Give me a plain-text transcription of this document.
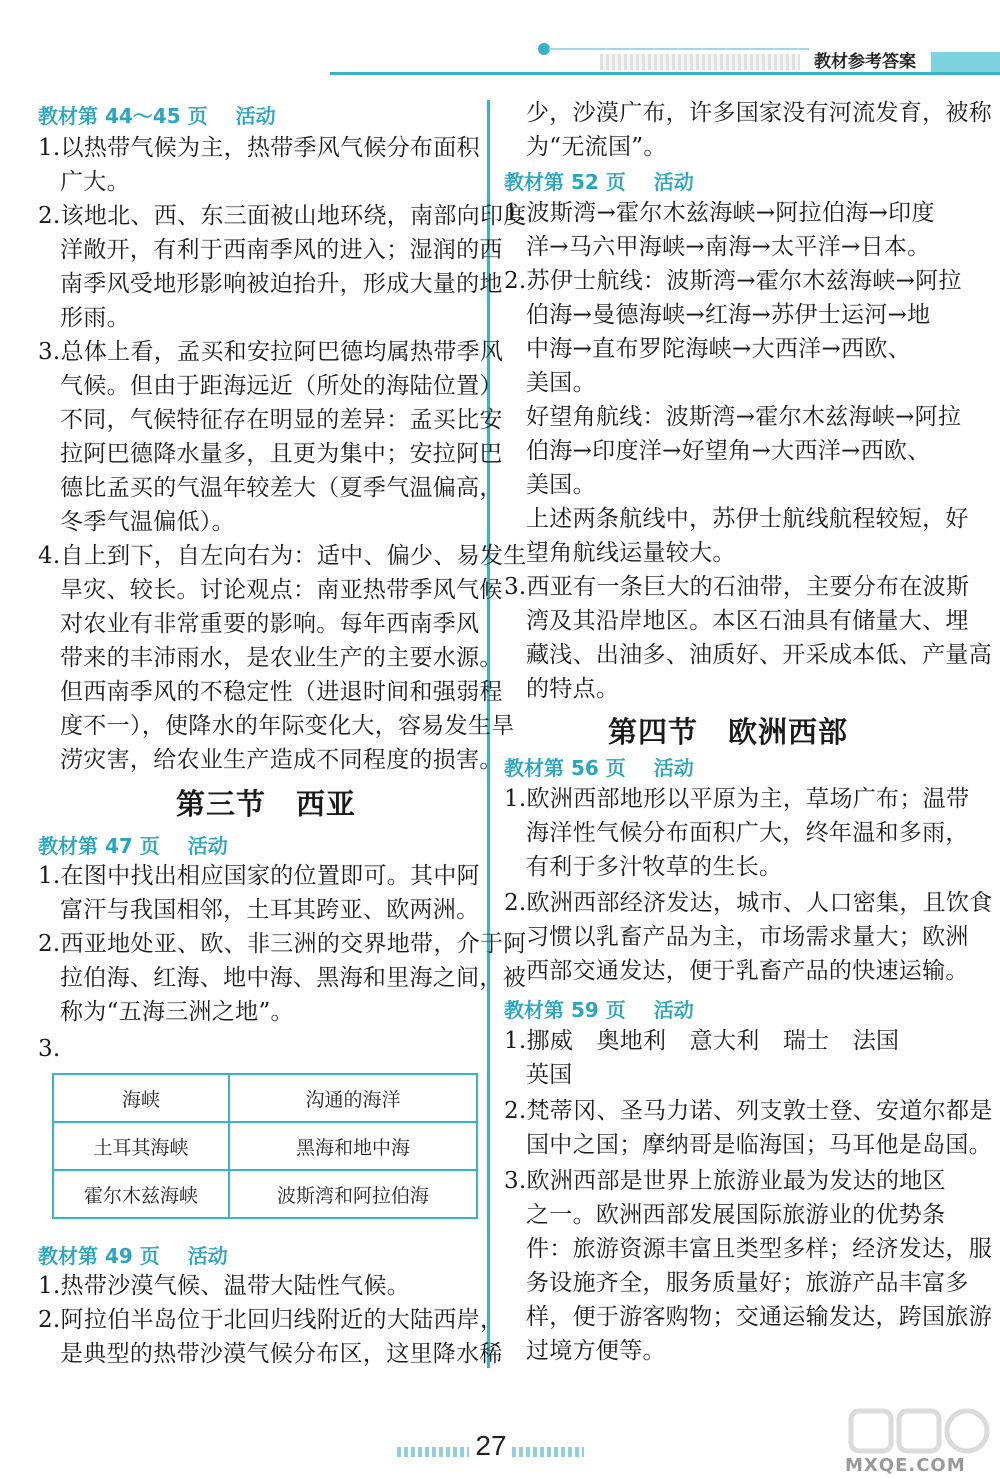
教材参考答案
教材第 44～45 页 活动
1.以热带气候为主，热带季风气候分布面积
广大。
2.该地北、西、东三面被山地环绕，南部向印度
洋敞开，有利于西南季风的进入；湿润的西
南季风受地形影响被迫抬升，形成大量的地
形雨。
3.总体上看，孟买和安拉阿巴德均属热带季风
气候。但由于距海远近（所处的海陆位置）
不同，气候特征存在明显的差异：孟买比安
拉阿巴德降水量多，且更为集中；安拉阿巴
德比孟买的气温年较差大（夏季气温偏高，
冬季气温偏低）。
4.自上到下，自左向右为：适中、偏少、易发生
旱灾、较长。讨论观点：南亚热带季风气候
对农业有非常重要的影响。每年西南季风
带来的丰沛雨水，是农业生产的主要水源。
但西南季风的不稳定性（进退时间和强弱程
度不一），使降水的年际变化大，容易发生旱
涝灾害，给农业生产造成不同程度的损害。
第三节　西亚
教材第 47 页 活动
1.在图中找出相应国家的位置即可。其中阿
富汗与我国相邻，土耳其跨亚、欧两洲。
2.西亚地处亚、欧、非三洲的交界地带，介于阿
拉伯海、红海、地中海、黑海和里海之间，被
称为“五海三洲之地”。
3.
海峡	沟通的海洋
土耳其海峡	黑海和地中海
霍尔木兹海峡	波斯湾和阿拉伯海
教材第 49 页 活动
1.热带沙漠气候、温带大陆性气候。
2.阿拉伯半岛位于北回归线附近的大陆西岸，
是典型的热带沙漠气候分布区，这里降水稀
少，沙漠广布，许多国家没有河流发育，被称
为“无流国”。
教材第 52 页 活动
1.波斯湾→霍尔木兹海峡→阿拉伯海→印度
洋→马六甲海峡→南海→太平洋→日本。
2.苏伊士航线：波斯湾→霍尔木兹海峡→阿拉
伯海→曼德海峡→红海→苏伊士运河→地
中海→直布罗陀海峡→大西洋→西欧、
美国。
好望角航线：波斯湾→霍尔木兹海峡→阿拉
伯海→印度洋→好望角→大西洋→西欧、
美国。
上述两条航线中，苏伊士航线航程较短，好
望角航线运量较大。
3.西亚有一条巨大的石油带，主要分布在波斯
湾及其沿岸地区。本区石油具有储量大、埋
藏浅、出油多、油质好、开采成本低、产量高
的特点。
第四节　欧洲西部
教材第 56 页 活动
1.欧洲西部地形以平原为主，草场广布；温带
海洋性气候分布面积广大，终年温和多雨，
有利于多汁牧草的生长。
2.欧洲西部经济发达，城市、人口密集，且饮食
习惯以乳畜产品为主，市场需求量大；欧洲
西部交通发达，便于乳畜产品的快速运输。
教材第 59 页 活动
1.挪威　奥地利　意大利　瑞士　法国
英国
2.梵蒂冈、圣马力诺、列支敦士登、安道尔都是
国中之国；摩纳哥是临海国；马耳他是岛国。
3.欧洲西部是世界上旅游业最为发达的地区
之一。欧洲西部发展国际旅游业的优势条
件：旅游资源丰富且类型多样；经济发达，服
务设施齐全，服务质量好；旅游产品丰富多
样，便于游客购物；交通运输发达，跨国旅游
过境方便等。
27
MXQE.COM
